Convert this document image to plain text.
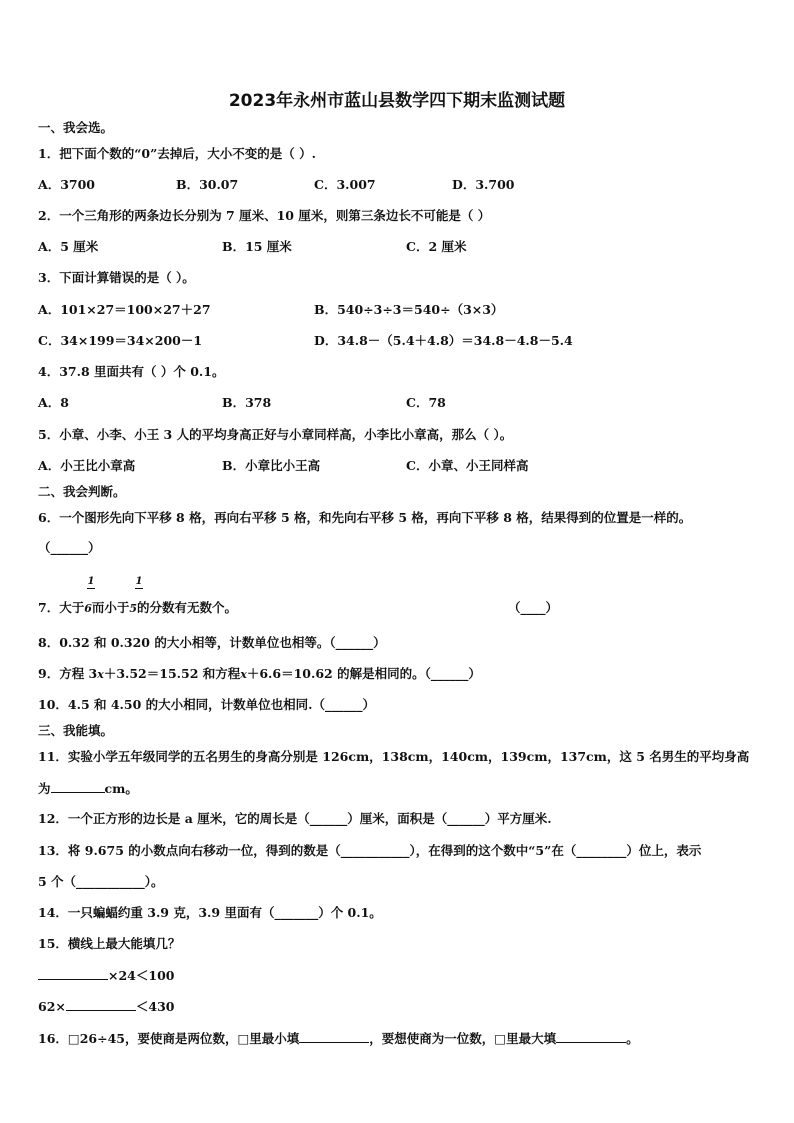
2023年永州市蓝山县数学四下期末监测试题
一、我会选。
1．把下面个数的“0”去掉后，大小不变的是（ ）.
A．3700	B．30.07	C．3.007	D．3.700
2．一个三角形的两条边长分别为 7 厘米、10 厘米，则第三条边长不可能是（ ）
A．5 厘米	B．15 厘米	C．2 厘米
3．下面计算错误的是（ ）。
A．101×27＝100×27＋27	B．540÷3÷3＝540÷（3×3）
C．34×199＝34×200－1	D．34.8－（5.4＋4.8）＝34.8－4.8－5.4
4．37.8 里面共有（ ）个 0.1。
A．8	B．378	C．78
5．小章、小李、小王 3 人的平均身高正好与小章同样高，小李比小章高，那么（ ）。
A．小王比小章高	B．小章比小王高	C．小章、小王同样高
二、我会判断。
6．一个图形先向下平移 8 格，再向右平移 5 格，和先向右平移 5 格，再向下平移 8 格，结果得到的位置是一样的。
（______）
1	1
7．大于6而小于5的分数有无数个。	（____）
8．0.32 和 0.320 的大小相等，计数单位也相等。（______）
9．方程 3x＋3.52＝15.52 和方程x＋6.6＝10.62 的解是相同的。（______）
10．4.5 和 4.50 的大小相同，计数单位也相同.（______）
三、我能填。
11．实验小学五年级同学的五名男生的身高分别是 126cm，138cm，140cm，139cm，137cm，这 5 名男生的平均身高
为	cm。
12．一个正方形的边长是 a 厘米，它的周长是（______）厘米，面积是（______）平方厘米.
13．将 9.675 的小数点向右移动一位，得到的数是（___________），在得到的这个数中“5”在（________）位上，表示
5 个（___________）。
14．一只蝙蝠约重 3.9 克，3.9 里面有（_______）个 0.1。
15．横线上最大能填几？
×24＜100
62×	＜430
16．□26÷45，要使商是两位数，□里最小填	，要想使商为一位数，□里最大填	。
